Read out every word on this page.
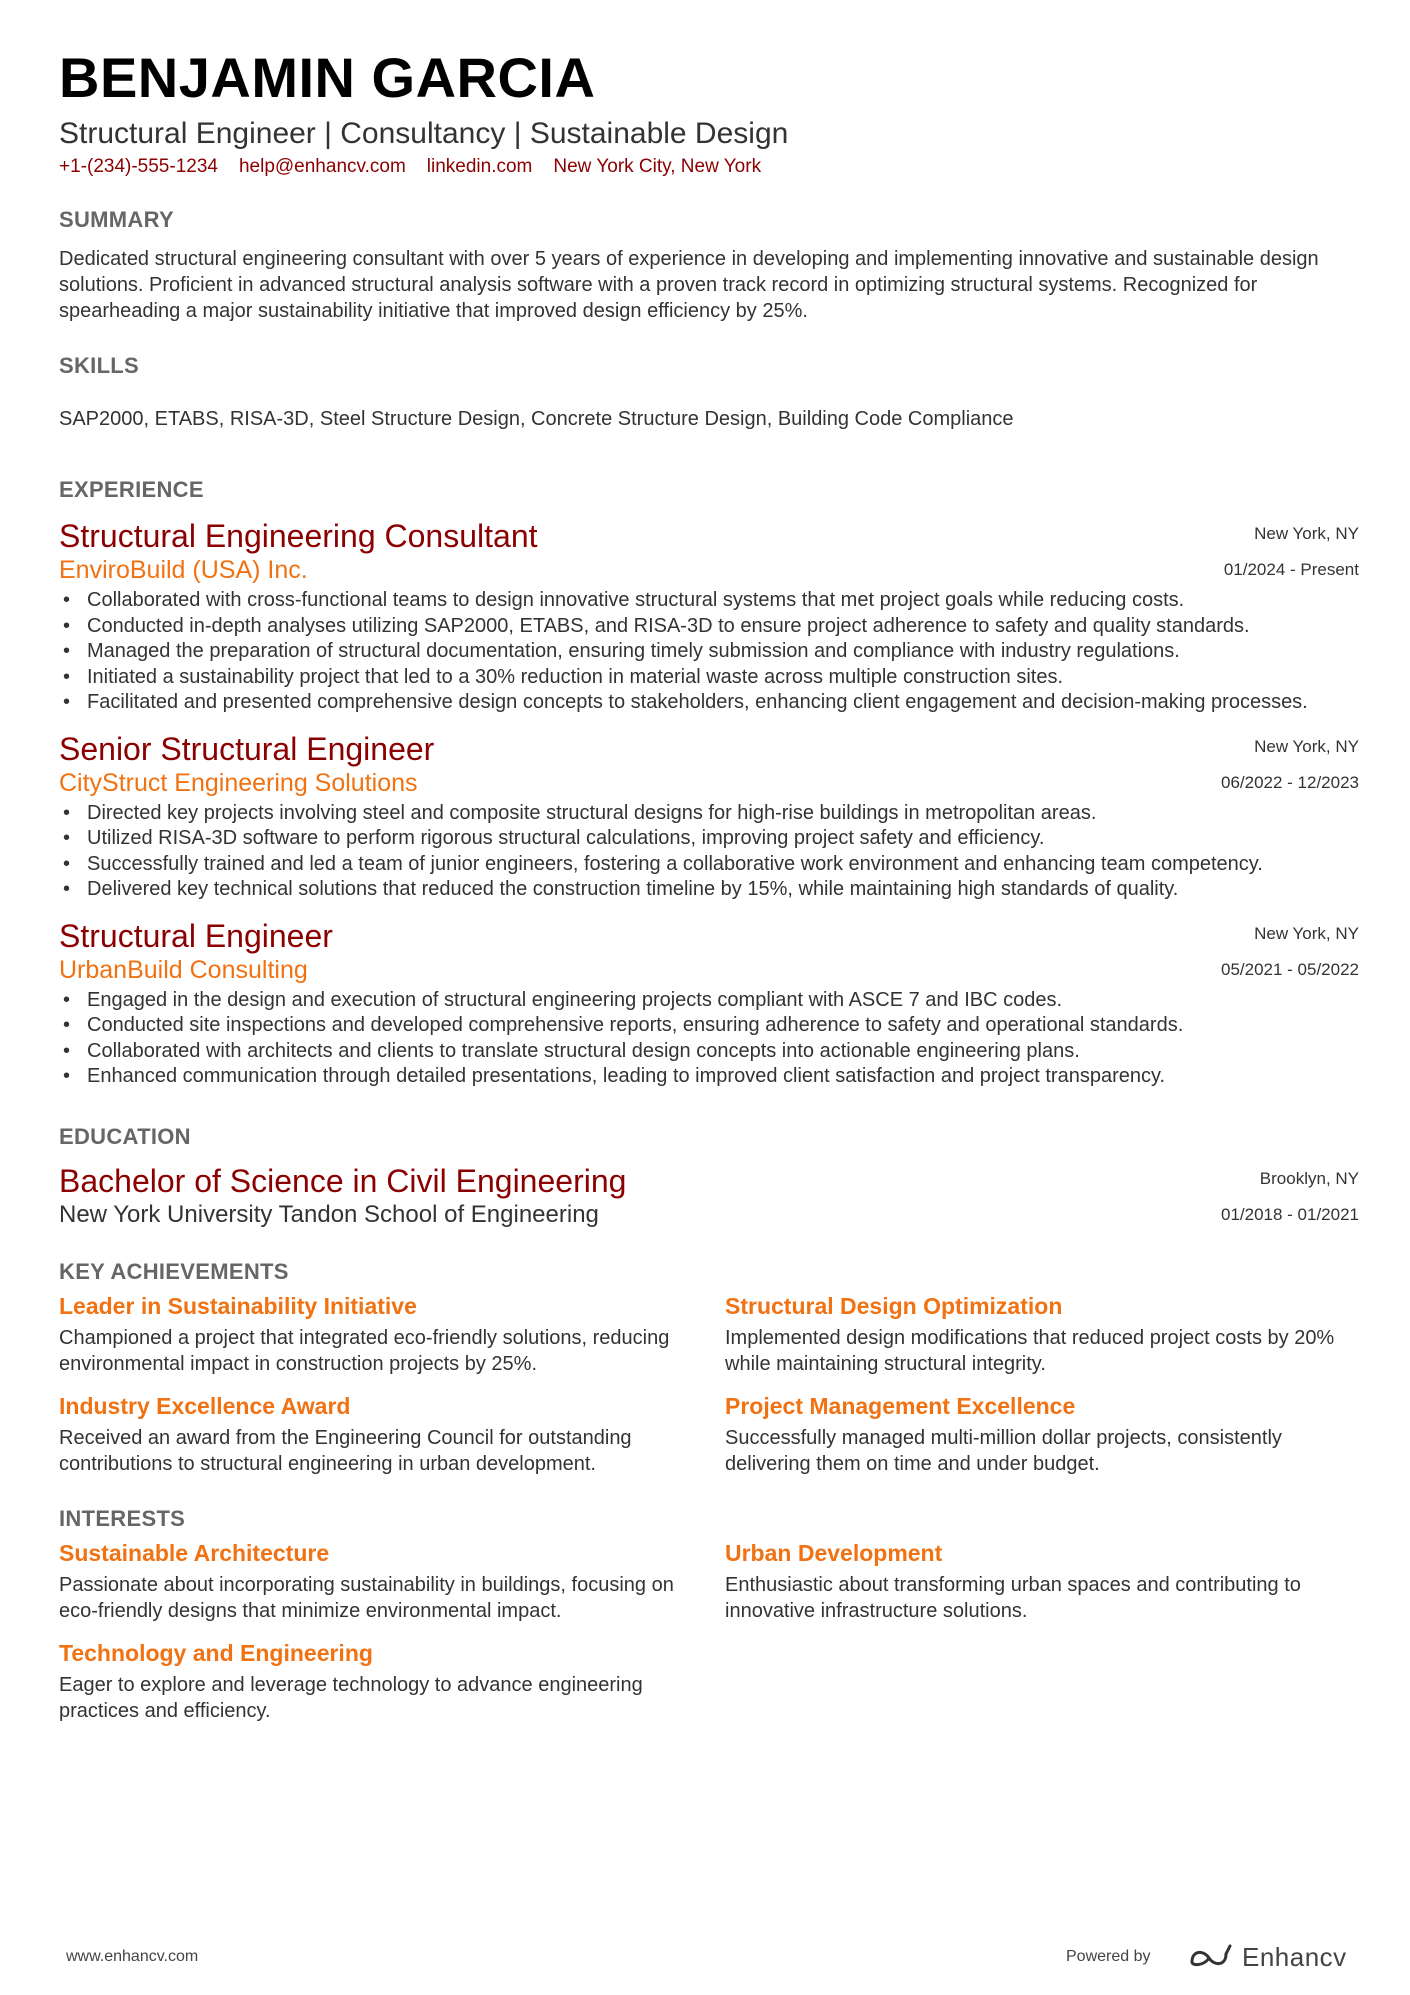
BENJAMIN GARCIA
Structural Engineer | Consultancy | Sustainable Design
+1-(234)-555-1234 help@enhancv.com linkedin.com New York City, New York
SUMMARY
Dedicated structural engineering consultant with over 5 years of experience in developing and implementing innovative and sustainable design solutions. Proficient in advanced structural analysis software with a proven track record in optimizing structural systems. Recognized for spearheading a major sustainability initiative that improved design efficiency by 25%.
SKILLS
SAP2000, ETABS, RISA-3D, Steel Structure Design, Concrete Structure Design, Building Code Compliance
EXPERIENCE
Structural Engineering Consultant
EnviroBuild (USA) Inc.
New York, NY
01/2024 - Present
• Collaborated with cross-functional teams to design innovative structural systems that met project goals while reducing costs.
• Conducted in-depth analyses utilizing SAP2000, ETABS, and RISA-3D to ensure project adherence to safety and quality standards.
• Managed the preparation of structural documentation, ensuring timely submission and compliance with industry regulations.
• Initiated a sustainability project that led to a 30% reduction in material waste across multiple construction sites.
• Facilitated and presented comprehensive design concepts to stakeholders, enhancing client engagement and decision-making processes.
Senior Structural Engineer
CityStruct Engineering Solutions
New York, NY
06/2022 - 12/2023
• Directed key projects involving steel and composite structural designs for high-rise buildings in metropolitan areas.
• Utilized RISA-3D software to perform rigorous structural calculations, improving project safety and efficiency.
• Successfully trained and led a team of junior engineers, fostering a collaborative work environment and enhancing team competency.
• Delivered key technical solutions that reduced the construction timeline by 15%, while maintaining high standards of quality.
Structural Engineer
UrbanBuild Consulting
New York, NY
05/2021 - 05/2022
• Engaged in the design and execution of structural engineering projects compliant with ASCE 7 and IBC codes.
• Conducted site inspections and developed comprehensive reports, ensuring adherence to safety and operational standards.
• Collaborated with architects and clients to translate structural design concepts into actionable engineering plans.
• Enhanced communication through detailed presentations, leading to improved client satisfaction and project transparency.
EDUCATION
Bachelor of Science in Civil Engineering
New York University Tandon School of Engineering
Brooklyn, NY
01/2018 - 01/2021
KEY ACHIEVEMENTS
Leader in Sustainability Initiative
Championed a project that integrated eco-friendly solutions, reducing environmental impact in construction projects by 25%.
Structural Design Optimization
Implemented design modifications that reduced project costs by 20% while maintaining structural integrity.
Industry Excellence Award
Received an award from the Engineering Council for outstanding contributions to structural engineering in urban development.
Project Management Excellence
Successfully managed multi-million dollar projects, consistently delivering them on time and under budget.
INTERESTS
Sustainable Architecture
Passionate about incorporating sustainability in buildings, focusing on eco-friendly designs that minimize environmental impact.
Urban Development
Enthusiastic about transforming urban spaces and contributing to innovative infrastructure solutions.
Technology and Engineering
Eager to explore and leverage technology to advance engineering practices and efficiency.
www.enhancv.com	Powered by	Enhancv
